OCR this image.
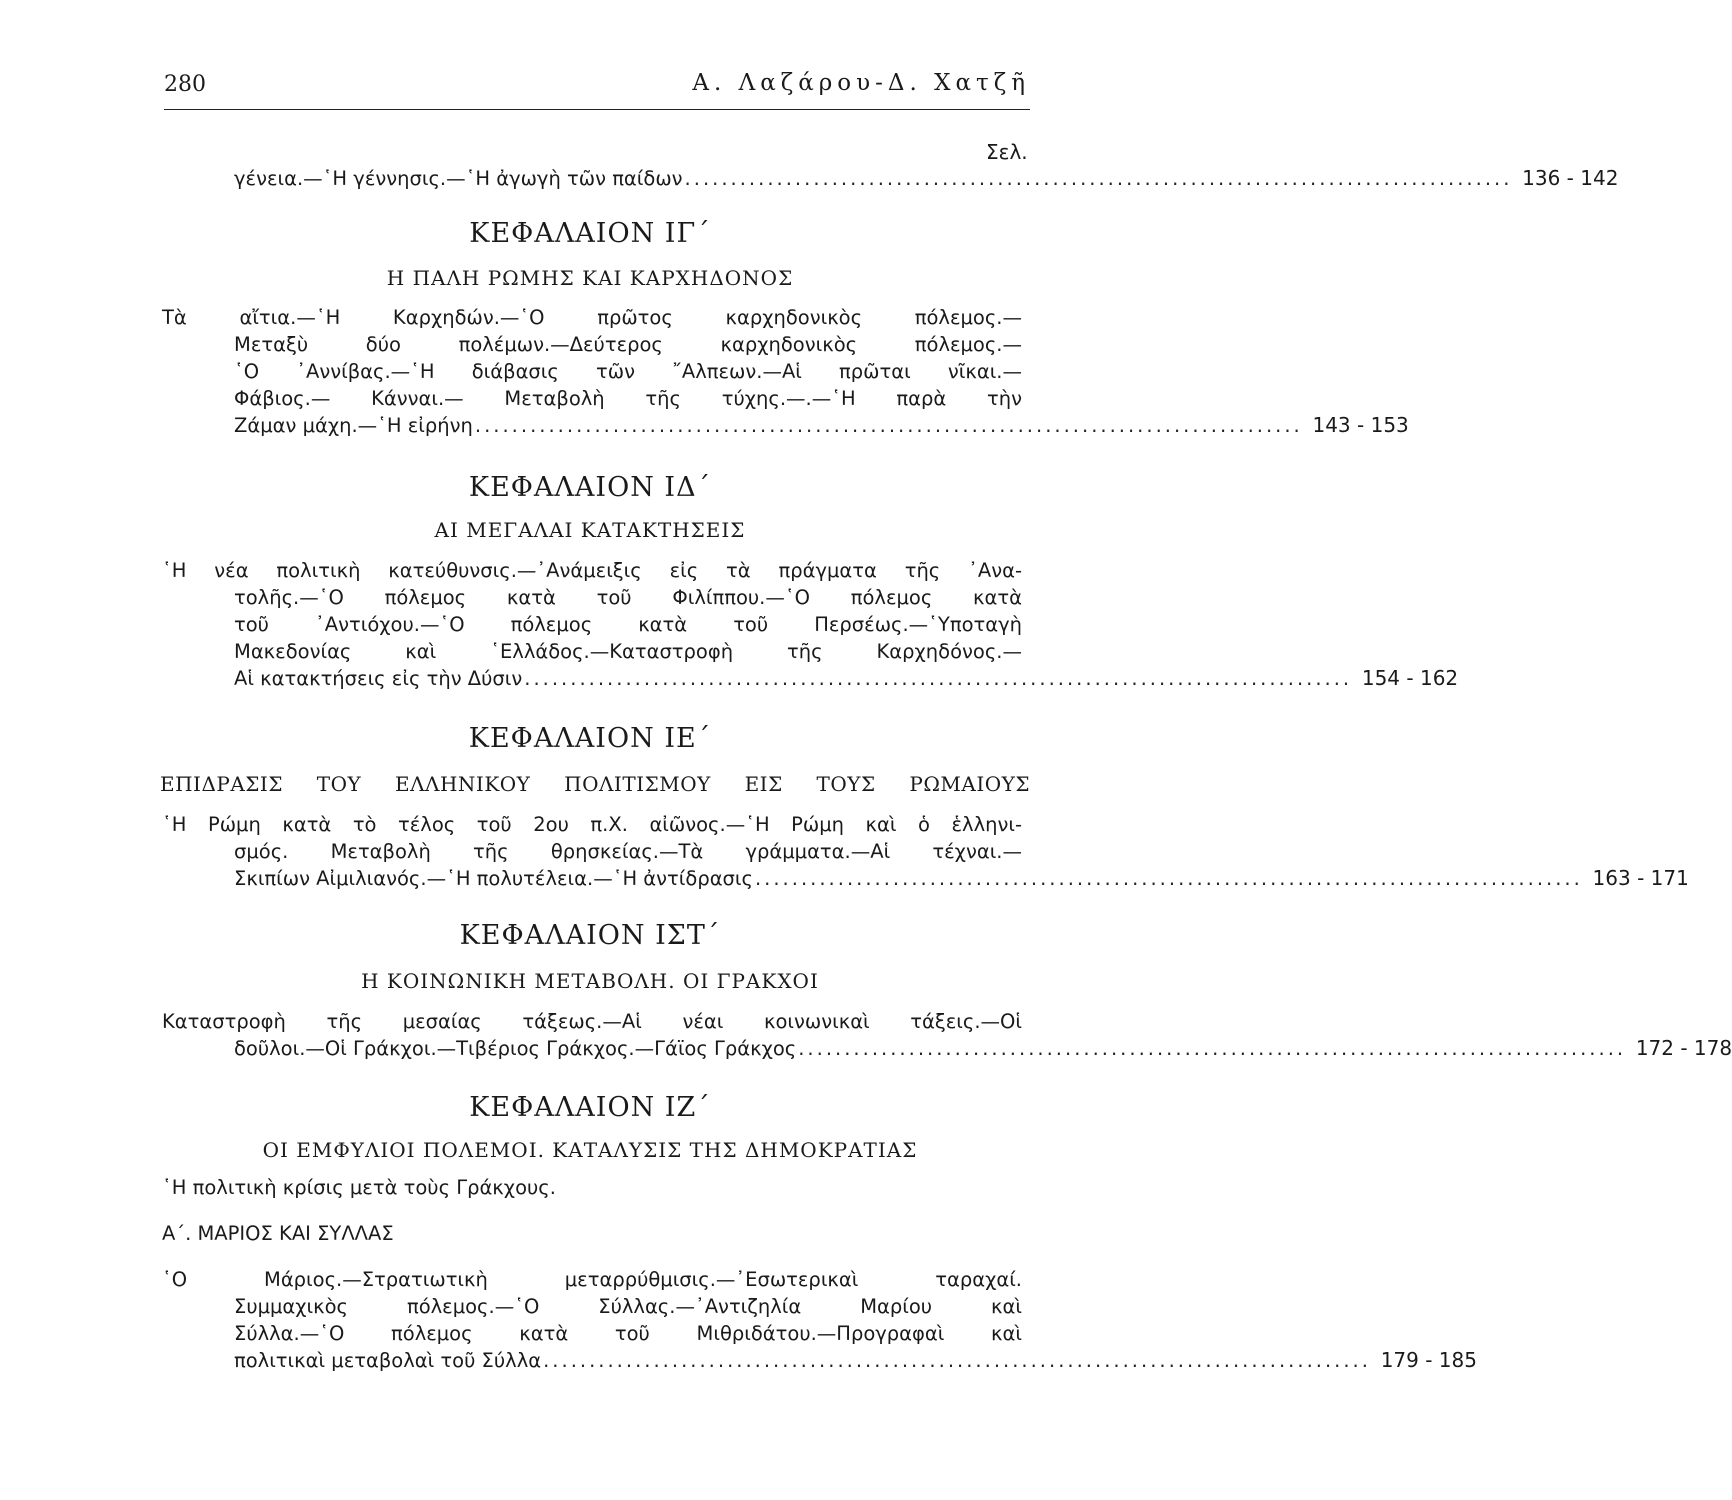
280	Α. Λαζάρου-Δ. Χατζῆ
Σελ.
γένεια.—῾Η γέννησις.—῾Η ἀγωγὴ τῶν παίδων .......................................................................................... 136 - 142
ΚΕΦΑΛΑΙΟΝ ΙΓ΄
Η ΠΑΛΗ ΡΩΜΗΣ ΚΑΙ ΚΑΡΧΗΔΟΝΟΣ
Τὰ αἴτια.—῾Η Καρχηδών.—῾Ο πρῶτος καρχηδονικὸς πόλεμος.—
Μεταξὺ δύο πολέμων.—Δεύτερος καρχηδονικὸς πόλεμος.—
῾Ο ᾿Αννίβας.—῾Η διάβασις τῶν ῎Αλπεων.—Αἱ πρῶται νῖκαι.—
Φάβιος.— Κάνναι.— Μεταβολὴ τῆς τύχης.—.—῾Η παρὰ τὴν
Ζάμαν μάχη.—῾Η εἰρήνη .......................................................................................... 143 - 153
ΚΕΦΑΛΑΙΟΝ ΙΔ΄
ΑΙ ΜΕΓΑΛΑΙ ΚΑΤΑΚΤΗΣΕΙΣ
῾Η νέα πολιτικὴ κατεύθυνσις.—᾿Ανάμειξις εἰς τὰ πράγματα τῆς ᾿Ανα-
τολῆς.—῾Ο πόλεμος κατὰ τοῦ Φιλίππου.—῾Ο πόλεμος κατὰ
τοῦ ᾿Αντιόχου.—῾Ο πόλεμος κατὰ τοῦ Περσέως.—῾Υποταγὴ
Μακεδονίας καὶ ῾Ελλάδος.—Καταστροφὴ τῆς Καρχηδόνος.—
Αἱ κατακτήσεις εἰς τὴν Δύσιν .......................................................................................... 154 - 162
ΚΕΦΑΛΑΙΟΝ ΙΕ΄
ΕΠΙΔΡΑΣΙΣ ΤΟΥ ΕΛΛΗΝΙΚΟΥ ΠΟΛΙΤΙΣΜΟΥ ΕΙΣ ΤΟΥΣ ΡΩΜΑΙΟΥΣ
῾Η Ρώμη κατὰ τὸ τέλος τοῦ 2ου π.Χ. αἰῶνος.—῾Η Ρώμη καὶ ὁ ἑλληνι-
σμός. Μεταβολὴ τῆς θρησκείας.—Τὰ γράμματα.—Αἱ τέχναι.—
Σκιπίων Αἰμιλιανός.—῾Η πολυτέλεια.—῾Η ἀντίδρασις .......................................................................................... 163 - 171
ΚΕΦΑΛΑΙΟΝ ΙΣΤ΄
Η ΚΟΙΝΩΝΙΚΗ ΜΕΤΑΒΟΛΗ. ΟΙ ΓΡΑΚΧΟΙ
Καταστροφὴ τῆς μεσαίας τάξεως.—Αἱ νέαι κοινωνικαὶ τάξεις.—Οἱ
δοῦλοι.—Οἱ Γράκχοι.—Τιβέριος Γράκχος.—Γάϊος Γράκχος .......................................................................................... 172 - 178
ΚΕΦΑΛΑΙΟΝ ΙΖ΄
ΟΙ ΕΜΦΥΛΙΟΙ ΠΟΛΕΜΟΙ. ΚΑΤΑΛΥΣΙΣ ΤΗΣ ΔΗΜΟΚΡΑΤΙΑΣ
῾Η πολιτικὴ κρίσις μετὰ τοὺς Γράκχους.
Α΄. ΜΑΡΙΟΣ ΚΑΙ ΣΥΛΛΑΣ
῾Ο Μάριος.—Στρατιωτικὴ μεταρρύθμισις.—᾿Εσωτερικαὶ ταραχαί.
Συμμαχικὸς πόλεμος.—῾Ο Σύλλας.—᾿Αντιζηλία Μαρίου καὶ
Σύλλα.—῾Ο πόλεμος κατὰ τοῦ Μιθριδάτου.—Προγραφαὶ καὶ
πολιτικαὶ μεταβολαὶ τοῦ Σύλλα .......................................................................................... 179 - 185
